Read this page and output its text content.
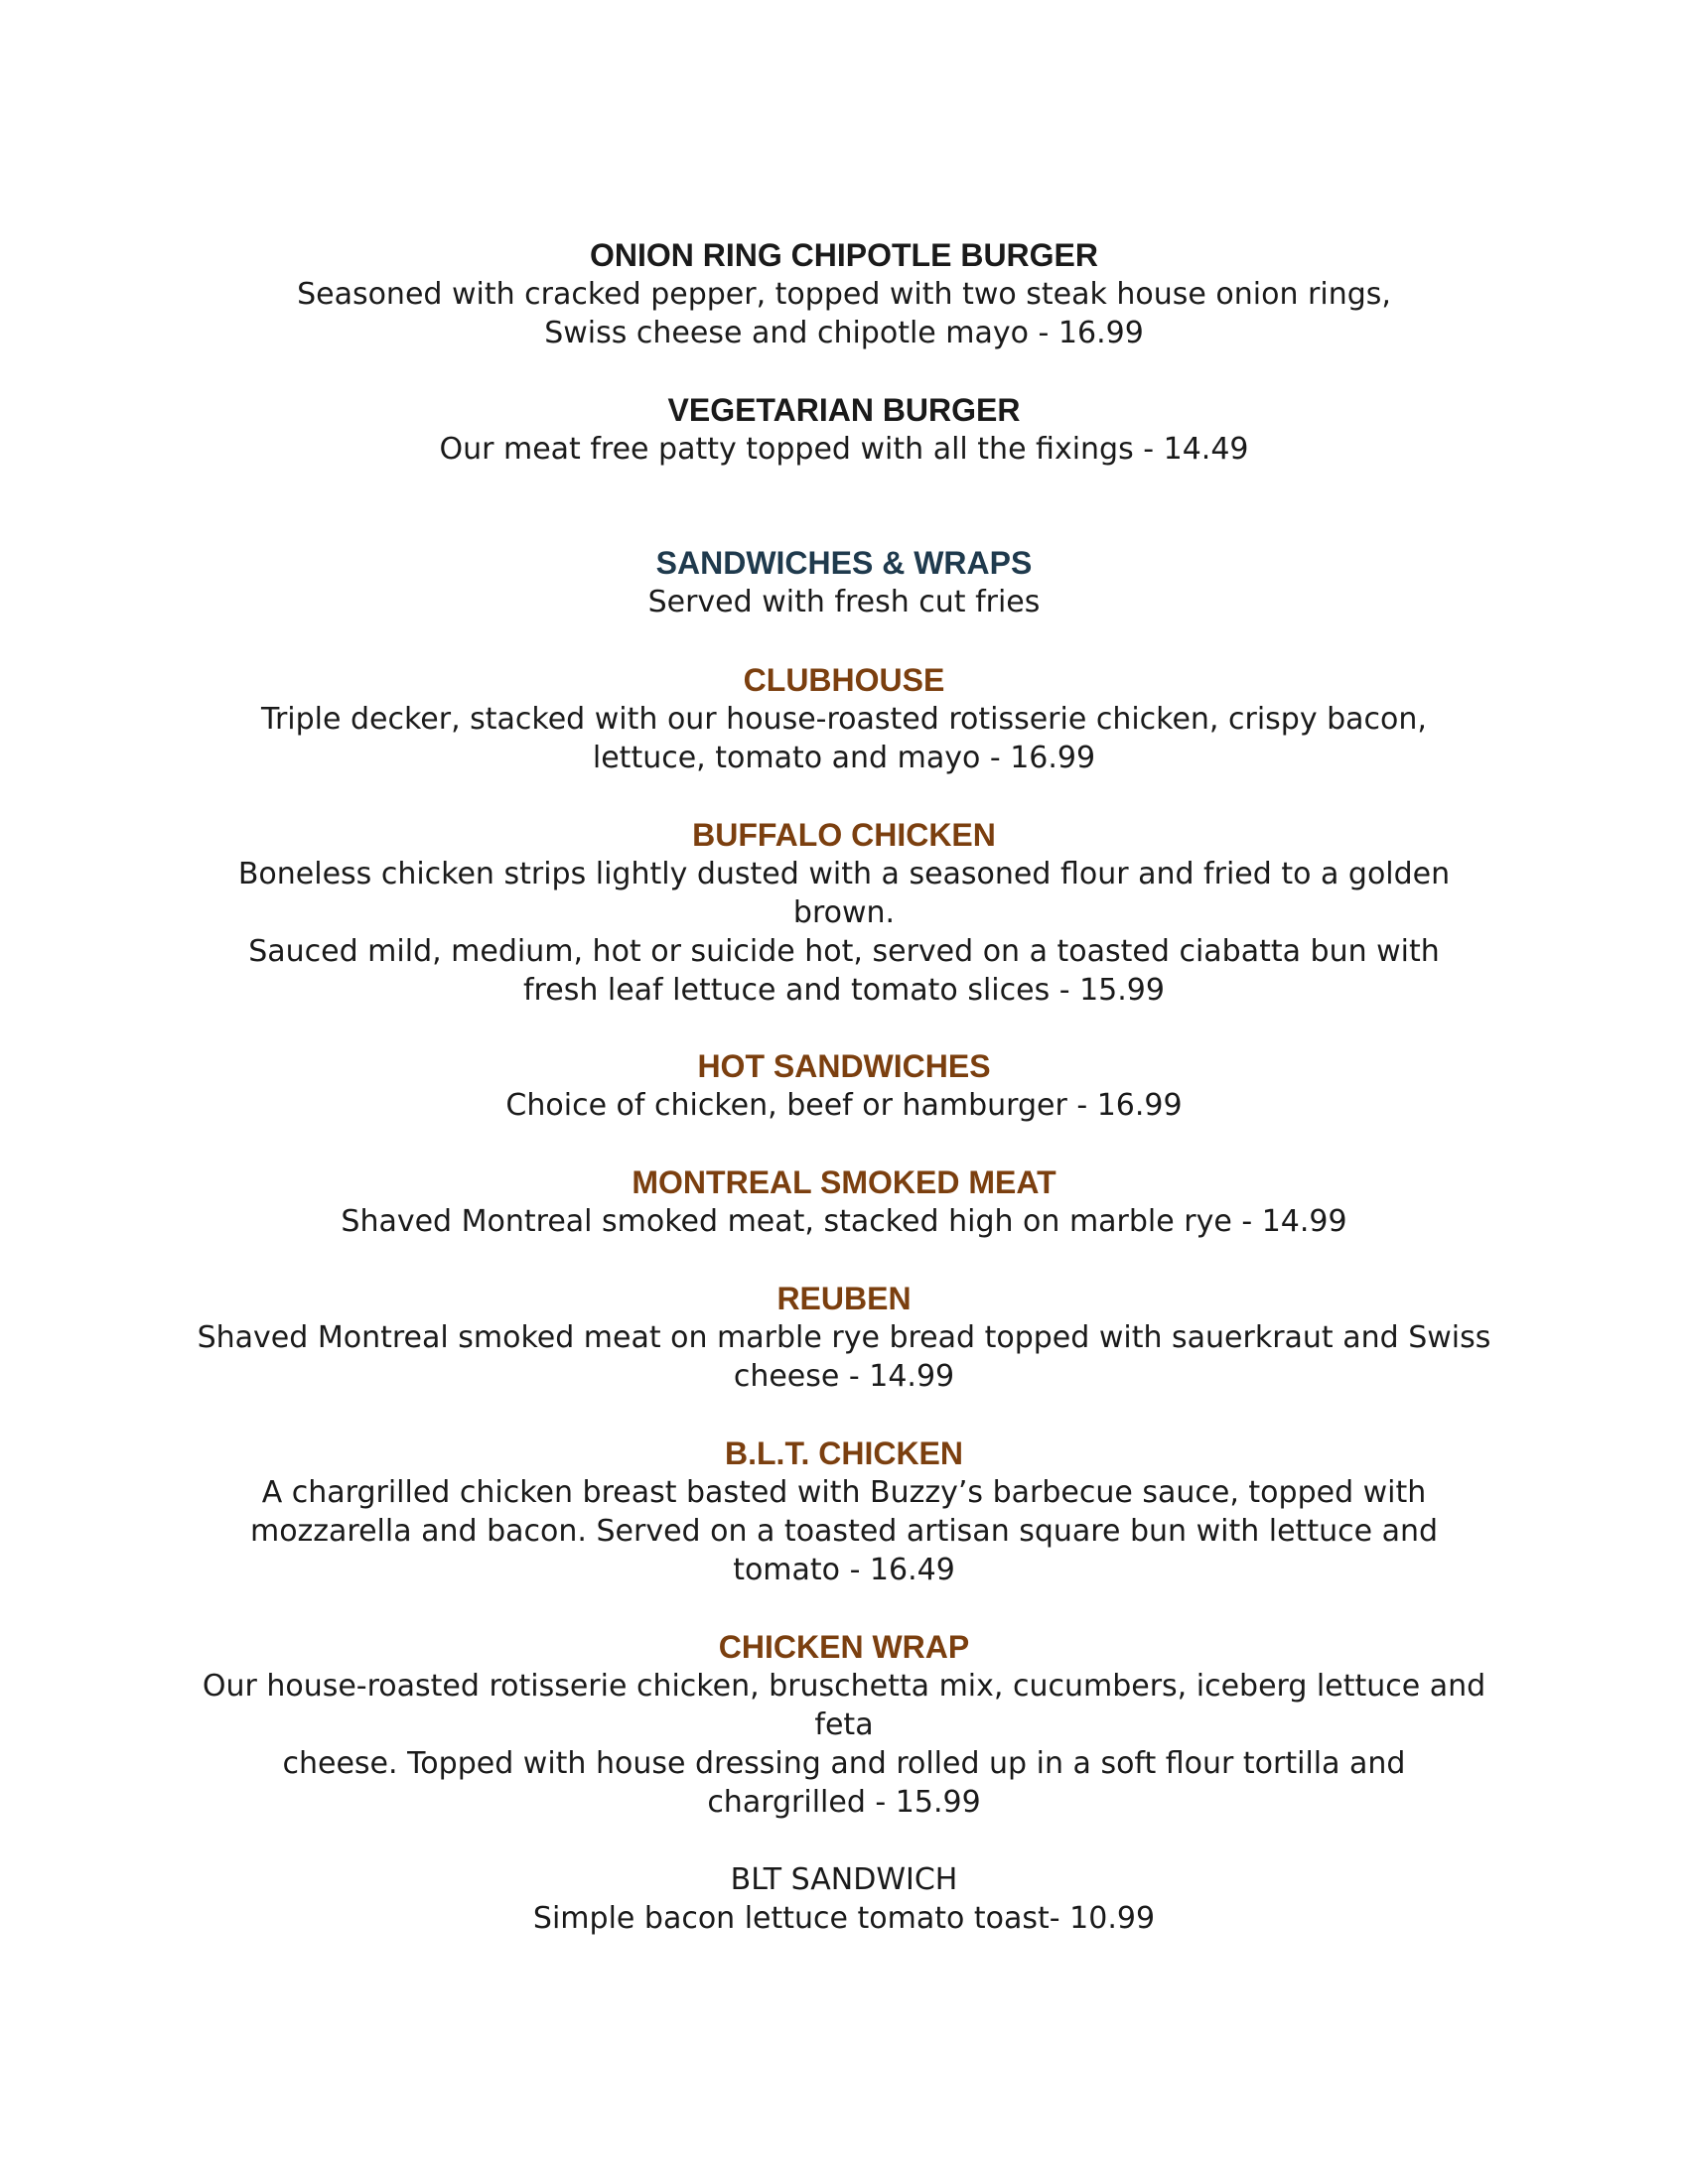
ONION RING CHIPOTLE BURGER
Seasoned with cracked pepper, topped with two steak house onion rings,
Swiss cheese and chipotle mayo - 16.99
VEGETARIAN BURGER
Our meat free patty topped with all the fixings - 14.49
SANDWICHES & WRAPS
Served with fresh cut fries
CLUBHOUSE
Triple decker, stacked with our house-roasted rotisserie chicken, crispy bacon,
lettuce, tomato and mayo - 16.99
BUFFALO CHICKEN
Boneless chicken strips lightly dusted with a seasoned flour and fried to a golden
brown.
Sauced mild, medium, hot or suicide hot, served on a toasted ciabatta bun with
fresh leaf lettuce and tomato slices - 15.99
HOT SANDWICHES
Choice of chicken, beef or hamburger - 16.99
MONTREAL SMOKED MEAT
Shaved Montreal smoked meat, stacked high on marble rye - 14.99
REUBEN
Shaved Montreal smoked meat on marble rye bread topped with sauerkraut and Swiss
cheese - 14.99
B.L.T. CHICKEN
A chargrilled chicken breast basted with Buzzy’s barbecue sauce, topped with
mozzarella and bacon. Served on a toasted artisan square bun with lettuce and
tomato - 16.49
CHICKEN WRAP
Our house-roasted rotisserie chicken, bruschetta mix, cucumbers, iceberg lettuce and
feta
cheese. Topped with house dressing and rolled up in a soft flour tortilla and
chargrilled - 15.99
BLT SANDWICH
Simple bacon lettuce tomato toast- 10.99
